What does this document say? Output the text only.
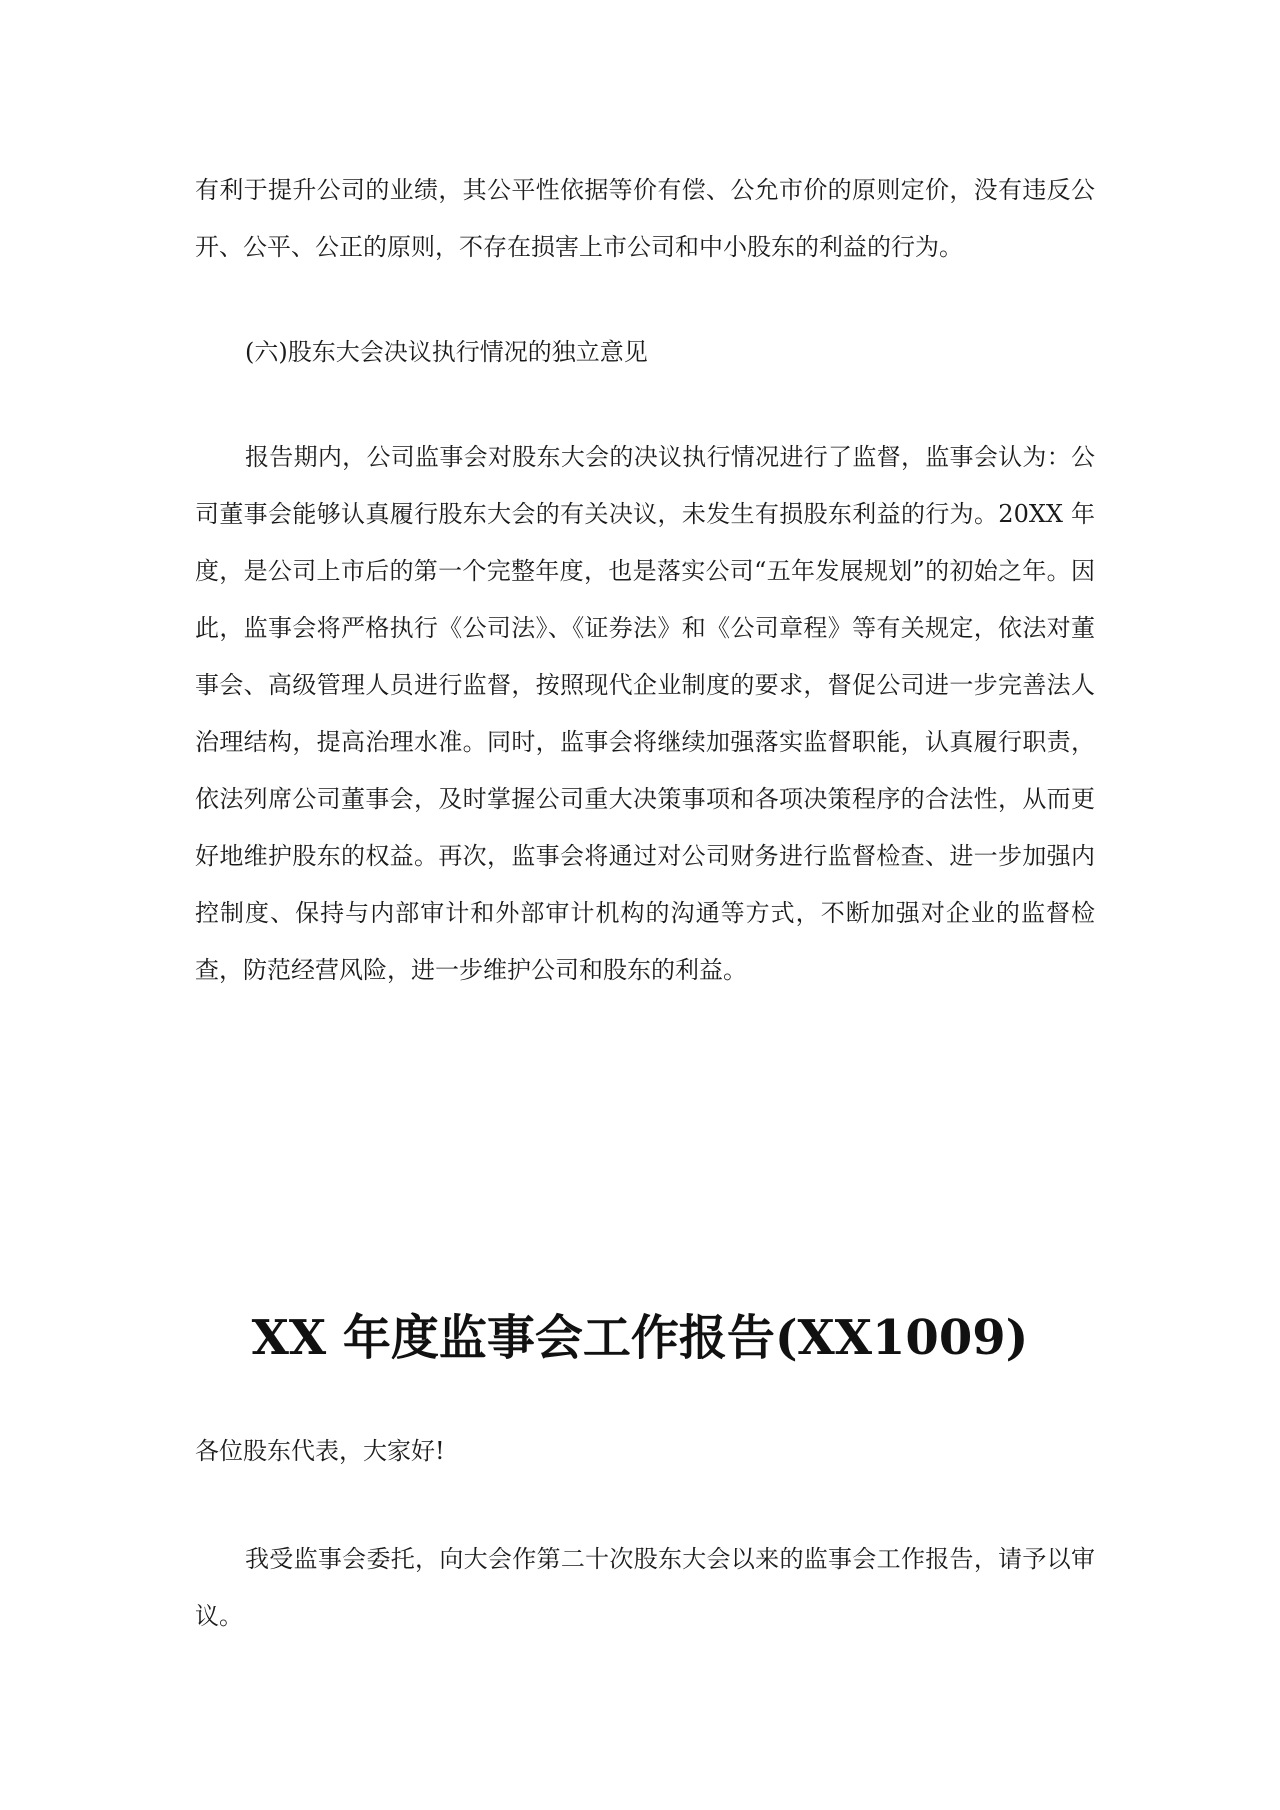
有利于提升公司的业绩，其公平性依据等价有偿、公允市价的原则定价，没有违反公开、公平、公正的原则，不存在损害上市公司和中小股东的利益的行为。

(六)股东大会决议执行情况的独立意见

报告期内，公司监事会对股东大会的决议执行情况进行了监督，监事会认为：公司董事会能够认真履行股东大会的有关决议，未发生有损股东利益的行为。20XX 年度，是公司上市后的第一个完整年度，也是落实公司“五年发展规划”的初始之年。因此，监事会将严格执行《公司法》、《证券法》和《公司章程》等有关规定，依法对董事会、高级管理人员进行监督，按照现代企业制度的要求，督促公司进一步完善法人治理结构，提高治理水准。同时，监事会将继续加强落实监督职能，认真履行职责，依法列席公司董事会，及时掌握公司重大决策事项和各项决策程序的合法性，从而更好地维护股东的权益。再次，监事会将通过对公司财务进行监督检查、进一步加强内控制度、保持与内部审计和外部审计机构的沟通等方式，不断加强对企业的监督检查，防范经营风险，进一步维护公司和股东的利益。

XX 年度监事会工作报告(XX1009)

各位股东代表，大家好!

我受监事会委托，向大会作第二十次股东大会以来的监事会工作报告，请予以审议。
